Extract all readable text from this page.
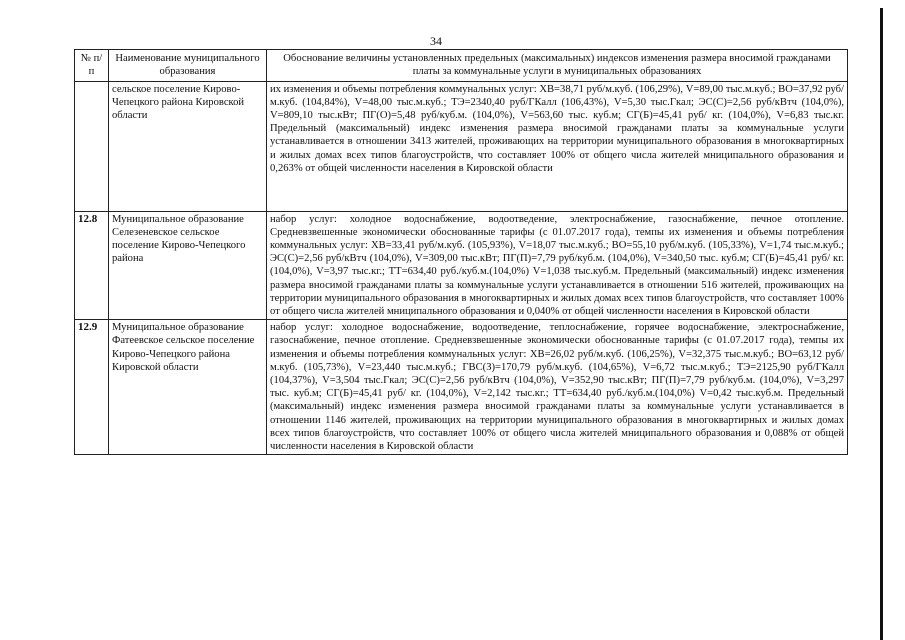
34
№ п/п	Наименование муниципального образования	Обоснование величины установленных предельных (максимальных) индексов изменения размера вносимой гражданами платы за коммунальные услуги в муниципальных образованиях
	сельское поселение Кирово-Чепецкого района Кировской области	их изменения и объемы потребления коммунальных услуг: ХВ=38,71 руб/м.куб. (106,29%), V=89,00 тыс.м.куб.; ВО=37,92 руб/м.куб. (104,84%), V=48,00 тыс.м.куб.; ТЭ=2340,40 руб/ГКалл (106,43%), V=5,30 тыс.Гкал; ЭС(С)=2,56 руб/кВтч (104,0%), V=809,10 тыс.кВт; ПГ(О)=5,48 руб/куб.м. (104,0%), V=563,60 тыс. куб.м; СГ(Б)=45,41 руб/ кг. (104,0%), V=6,83 тыс.кг. Предельный (максимальный) индекс изменения размера вносимой гражданами платы за коммунальные услуги устанавливается в отношении 3413 жителей, проживающих на территории муниципального образования в многоквартирных и жилых домах всех типов благоустройств, что составляет 100% от общего числа жителей мниципального образования и 0,263% от общей численности населения в Кировской области
12.8	Муниципальное образование Селезеневское сельское поселение Кирово-Чепецкого района	набор услуг: холодное водоснабжение, водоотведение, электроснабжение, газоснабжение, печное отопление. Средневзвешенные экономически обоснованные тарифы (с 01.07.2017 года), темпы их изменения и объемы потребления коммунальных услуг: ХВ=33,41 руб/м.куб. (105,93%), V=18,07 тыс.м.куб.; ВО=55,10 руб/м.куб. (105,33%), V=1,74 тыс.м.куб.; ЭС(С)=2,56 руб/кВтч (104,0%), V=309,00 тыс.кВт; ПГ(П)=7,79 руб/куб.м. (104,0%), V=340,50 тыс. куб.м; СГ(Б)=45,41 руб/ кг. (104,0%), V=3,97 тыс.кг.; ТТ=634,40 руб./куб.м.(104,0%) V=1,038 тыс.куб.м. Предельный (максимальный) индекс изменения размера вносимой гражданами платы за коммунальные услуги устанавливается в отношении 516 жителей, проживающих на территории муниципального образования в многоквартирных и жилых домах всех типов благоустройств, что составляет 100% от общего числа жителей мниципального образования и 0,040% от общей численности населения в Кировской области
12.9	Муниципальное образование Фатеевское сельское поселение Кирово-Чепецкого района Кировской области	набор услуг: холодное водоснабжение, водоотведение, теплоснабжение, горячее водоснабжение, электроснабжение, газоснабжение, печное отопление. Средневзвешенные экономически обоснованные тарифы (с 01.07.2017 года), темпы их изменения и объемы потребления коммунальных услуг: ХВ=26,02 руб/м.куб. (106,25%), V=32,375 тыс.м.куб.; ВО=63,12 руб/м.куб. (105,73%), V=23,440 тыс.м.куб.; ГВС(З)=170,79 руб/м.куб. (104,65%), V=6,72 тыс.м.куб.; ТЭ=2125,90 руб/ГКалл (104,37%), V=3,504 тыс.Гкал; ЭС(С)=2,56 руб/кВтч (104,0%), V=352,90 тыс.кВт; ПГ(П)=7,79 руб/куб.м. (104,0%), V=3,297 тыс. куб.м; СГ(Б)=45,41 руб/ кг. (104,0%), V=2,142 тыс.кг.; ТТ=634,40 руб./куб.м.(104,0%) V=0,42 тыс.куб.м. Предельный (максимальный) индекс изменения размера вносимой гражданами платы за коммунальные услуги устанавливается в отношении 1146 жителей, проживающих на территории муниципального образования в многоквартирных и жилых домах всех типов благоустройств, что составляет 100% от общего числа жителей мниципального образования и 0,088% от общей численности населения в Кировской области
